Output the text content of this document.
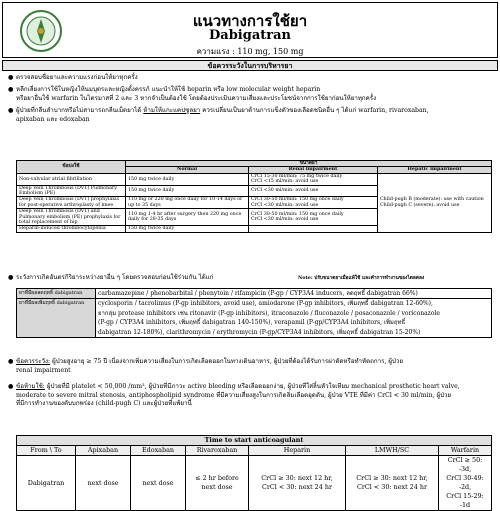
แนวทางการใช้ยา
Dabigatran
ความแรง : 110 mg, 150 mg
ข้อควรระวังในการบริหารยา
● ตรวจสอบชื่อยาและความแรงก่อนให้ยาทุกครั้ง
● หลีกเลี่ยงการใช้ในหญิงให้นมบุตรและหญิงตั้งครรภ์ แนะนำให้ใช้ heparin หรือ low molecular weight heparin
หรือยาอื่นใช้ warfarin ในไตรมาสที่ 2 และ 3 หากจำเป็นต้องใช้ โดยต้องประเมินความเสี่ยงและประโยชน์จากการใช้ยาก่อนให้ยาทุกครั้ง
● ผู้ป่วยที่กลืนลำบากหรือไม่สามารถกลืนเม็ดยาได้ ห้ามให้แกะแคปซูลยา ควรเปลี่ยนเป็นยาต้านการแข็งตัวของเลือดชนิดอื่น ๆ ได้แก่ warfarin, rivaroxaban,
apixaban และ edoxaban
ข้อบ่งใช้	ขนาดยา		
	Normal	Renal impairment	Hepatic impairment
Non-valvular atrial fibrillation	150 mg twice daily	CrCl 15-30 ml/min: 75 mg twice daily
CrCl <15 ml/min: avoid use	Child-pugh B (moderate): use with caution
Child-pugh C (severe): avoid use
Deep Vein Thrombosis (DVT) Pulmonary Embolism (PE)	150 mg twice daily	CrCl <30 ml/min: avoid use	
Deep Vein Thrombosis (DVT) prophylaxis for post-operative arthroplasty of knee	110 mg or 220 mg once daily for 10-14 days or up to 35 days	CrCl 30-50 ml/min: 150 mg once daily
CrCl <30 ml/min: avoid use	
Deep Vein Thrombosis (DVT) and Pulmonary embolism (PE) prophylaxis for total replacement of hip	110 mg 1-4 hr after surgery then 220 mg once daily for 28-35 days	CrCl 30-50 ml/min: 150 mg once daily
CrCl <30 ml/min: avoid use	
Heparin-induced thrombocytopenia	150 mg twice daily		
● ระวังการเกิดอันตรกิริยาระหว่างยาอื่น ๆ โดยตรวจสอบก่อนใช้ร่วมกัน ได้แก่	Note: ปรับขนาดยาเมื่อแพ้ใช้ และคำการทำงานของไตลดลง
ยาที่มีผลลดฤทธิ์ dabigatran	carbamazepine / phenobarbital / phenytoin / rifampicin (P-gp / CYP3A4 inducers, ลดฤทธิ์ dabigatran 66%)
ยาที่มีผลเพิ่มฤทธิ์ dabigatran	cyclosporin / tacrolimus (P-gp inhibitors, avoid use), amiodarone (P-gp inhibitors, เพิ่มฤทธิ์ dabigatran 12-60%),
ยากลุ่ม protease inhibitors เช่น ritonavir (P-gp inhibitors), itraconazole / fluconazole / posaconazole / voriconazole
(P-gp / CYP3A4 inhibitors, เพิ่มฤทธิ์ dabigatran 140-150%), verapamil (P-gp/CYP3A4 inhibitors, เพิ่มฤทธิ์
dabigatran 12-180%), clarithromycin / erythromycin (P-gp/CYP3A4 inhibitors, เพิ่มฤทธิ์ dabigatran 15-20%)
● ข้อควรระวัง: ผู้ป่วยสูงอายุ ≥ 75 ปี เนื่องจากเพิ่มความเสี่ยงในการเกิดเลือดออกในทางเดินอาหาร, ผู้ป่วยที่ต้องได้รับการผ่าตัดหรือทำหัตถการ, ผู้ป่วย
renal impairment
● ข้อห้ามใช้: ผู้ป่วยที่มี platelet < 50,000 /mm³, ผู้ป่วยที่มีภาวะ active bleeding หรือเลือดออกง่าย, ผู้ป่วยที่ใส่ลิ้นหัวใจเทียม mechanical prosthetic heart valve,
moderate to severe mitral stenosis, antiphospholipid syndrome ที่มีความเสี่ยงสูงในการเกิดลิ่มเลือดอุดตัน, ผู้ป่วย VTE ที่มีค่า CrCl < 30 ml/min, ผู้ป่วย
ที่มีการทำงานของตับบกพร่อง (child-pugh C) และผู้ป่วยที่แพ้ยานี้
Time to start anticoagulant						
From \ To	Apixaban	Edoxaban	Rivaroxaban	Heparin	LMWH/SC	Warfarin
Dabigatran	next dose	next dose	≤ 2 hr before
next dose	CrCl ≥ 30: next 12 hr,
CrCl < 30: next 24 hr	CrCl ≥ 30: next 12 hr,
CrCl < 30: next 24 hr	CrCl ≥ 50: -3d,
CrCl 30-49: -2d,
CrCl 15-29: -1d
